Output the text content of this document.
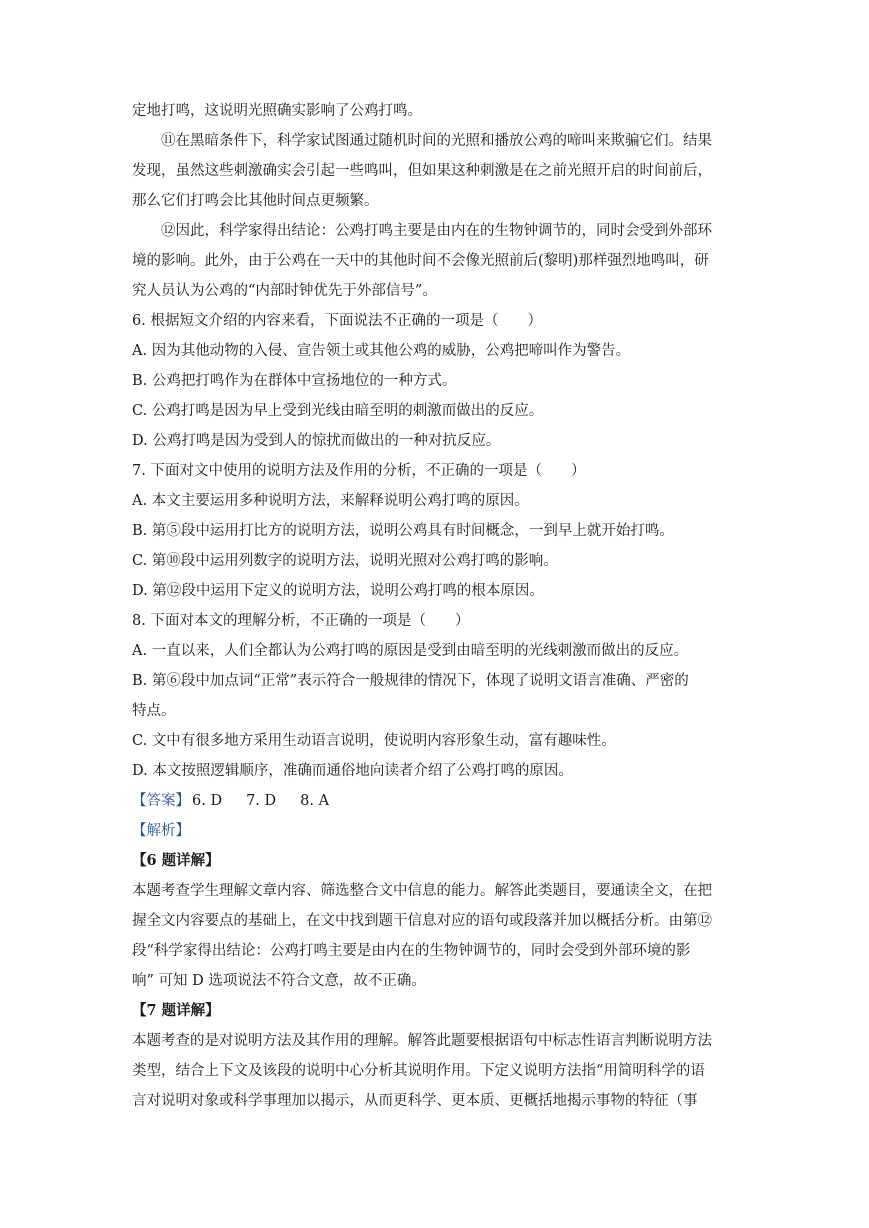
定地打鸣，这说明光照确实影响了公鸡打鸣。
⑪在黑暗条件下，科学家试图通过随机时间的光照和播放公鸡的啼叫来欺骗它们。结果
发现，虽然这些刺激确实会引起一些鸣叫，但如果这种刺激是在之前光照开启的时间前后，
那么它们打鸣会比其他时间点更频繁。
⑫因此，科学家得出结论：公鸡打鸣主要是由内在的生物钟调节的，同时会受到外部环
境的影响。此外，由于公鸡在一天中的其他时间不会像光照前后(黎明)那样强烈地鸣叫，研
究人员认为公鸡的“内部时钟优先于外部信号”。
6. 根据短文介绍的内容来看，下面说法不正确的一项是（　　）
A. 因为其他动物的入侵、宣告领土或其他公鸡的威胁，公鸡把啼叫作为警告。
B. 公鸡把打鸣作为在群体中宣扬地位的一种方式。
C. 公鸡打鸣是因为早上受到光线由暗至明的刺激而做出的反应。
D. 公鸡打鸣是因为受到人的惊扰而做出的一种对抗反应。
7. 下面对文中使用的说明方法及作用的分析，不正确的一项是（　　）
A. 本文主要运用多种说明方法，来解释说明公鸡打鸣的原因。
B. 第⑤段中运用打比方的说明方法，说明公鸡具有时间概念，一到早上就开始打鸣。
C. 第⑩段中运用列数字的说明方法，说明光照对公鸡打鸣的影响。
D. 第⑫段中运用下定义的说明方法，说明公鸡打鸣的根本原因。
8. 下面对本文的理解分析，不正确的一项是（　　）
A. 一直以来，人们全都认为公鸡打鸣的原因是受到由暗至明的光线刺激而做出的反应。
B. 第⑥段中加点词“正常”表示符合一般规律的情况下，体现了说明文语言准确、严密的
特点。
C. 文中有很多地方采用生动语言说明，使说明内容形象生动，富有趣味性。
D. 本文按照逻辑顺序，准确而通俗地向读者介绍了公鸡打鸣的原因。
【答案】 6. D 7. D 8. A
【解析】
【6 题详解】
本题考查学生理解文章内容、筛选整合文中信息的能力。解答此类题目，要通读全文，在把
握全文内容要点的基础上，在文中找到题干信息对应的语句或段落并加以概括分析。由第⑫
段“科学家得出结论：公鸡打鸣主要是由内在的生物钟调节的，同时会受到外部环境的影
响” 可知 D 选项说法不符合文意，故不正确。
【7 题详解】
本题考查的是对说明方法及其作用的理解。解答此题要根据语句中标志性语言判断说明方法
类型，结合上下文及该段的说明中心分析其说明作用。下定义说明方法指“用简明科学的语
言对说明对象或科学事理加以揭示，从而更科学、更本质、更概括地揭示事物的特征（事
